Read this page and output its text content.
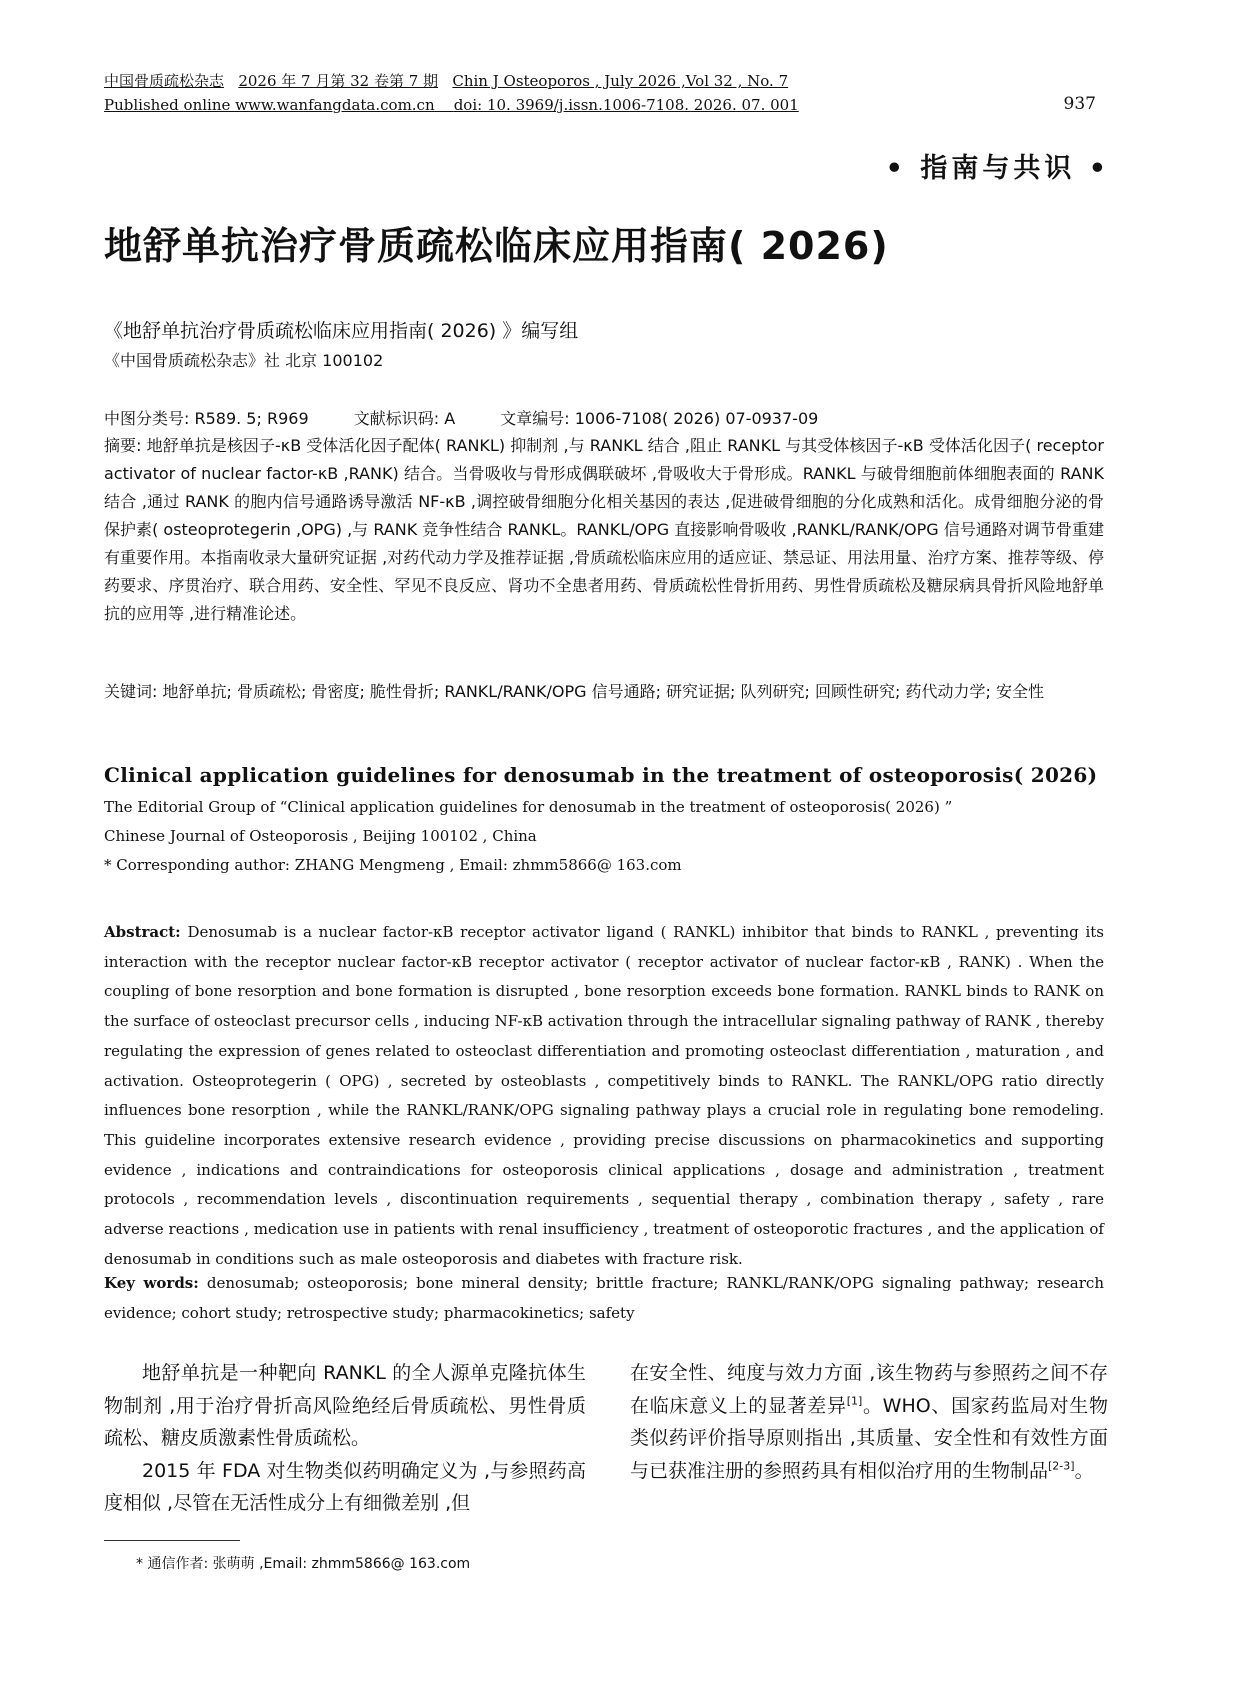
中国骨质疏松杂志 2026 年 7 月第 32 卷第 7 期 Chin J Osteoporos , July 2026 ,Vol 32 , No. 7
Published online www.wanfangdata.com.cn doi: 10. 3969/j.issn.1006-7108. 2026. 07. 001	937
• 指南与共识 •
地舒单抗治疗骨质疏松临床应用指南( 2026)
《地舒单抗治疗骨质疏松临床应用指南( 2026) 》编写组
《中国骨质疏松杂志》社 北京 100102
中图分类号: R589. 5; R969	文献标识码: A	文章编号: 1006-7108( 2026) 07-0937-09
摘要: 地舒单抗是核因子-κB 受体活化因子配体( RANKL) 抑制剂 ,与 RANKL 结合 ,阻止 RANKL 与其受体核因子-κB 受体活化因子( receptor activator of nuclear factor-κB ,RANK) 结合。当骨吸收与骨形成偶联破坏 ,骨吸收大于骨形成。RANKL 与破骨细胞前体细胞表面的 RANK 结合 ,通过 RANK 的胞内信号通路诱导激活 NF-κB ,调控破骨细胞分化相关基因的表达 ,促进破骨细胞的分化成熟和活化。成骨细胞分泌的骨保护素( osteoprotegerin ,OPG) ,与 RANK 竞争性结合 RANKL。RANKL/OPG 直接影响骨吸收 ,RANKL/RANK/OPG 信号通路对调节骨重建有重要作用。本指南收录大量研究证据 ,对药代动力学及推荐证据 ,骨质疏松临床应用的适应证、禁忌证、用法用量、治疗方案、推荐等级、停药要求、序贯治疗、联合用药、安全性、罕见不良反应、肾功不全患者用药、骨质疏松性骨折用药、男性骨质疏松及糖尿病具骨折风险地舒单抗的应用等 ,进行精准论述。
关键词: 地舒单抗; 骨质疏松; 骨密度; 脆性骨折; RANKL/RANK/OPG 信号通路; 研究证据; 队列研究; 回顾性研究; 药代动力学; 安全性
Clinical application guidelines for denosumab in the treatment of osteoporosis( 2026)
The Editorial Group of “Clinical application guidelines for denosumab in the treatment of osteoporosis( 2026) ”
Chinese Journal of Osteoporosis , Beijing 100102 , China
* Corresponding author: ZHANG Mengmeng , Email: zhmm5866@ 163.com
Abstract: Denosumab is a nuclear factor-κB receptor activator ligand ( RANKL) inhibitor that binds to RANKL , preventing its interaction with the receptor nuclear factor-κB receptor activator ( receptor activator of nuclear factor-κB , RANK) . When the coupling of bone resorption and bone formation is disrupted , bone resorption exceeds bone formation. RANKL binds to RANK on the surface of osteoclast precursor cells , inducing NF-κB activation through the intracellular signaling pathway of RANK , thereby regulating the expression of genes related to osteoclast differentiation and promoting osteoclast differentiation , maturation , and activation. Osteoprotegerin ( OPG) , secreted by osteoblasts , competitively binds to RANKL. The RANKL/OPG ratio directly influences bone resorption , while the RANKL/RANK/OPG signaling pathway plays a crucial role in regulating bone remodeling. This guideline incorporates extensive research evidence , providing precise discussions on pharmacokinetics and supporting evidence , indications and contraindications for osteoporosis clinical applications , dosage and administration , treatment protocols , recommendation levels , discontinuation requirements , sequential therapy , combination therapy , safety , rare adverse reactions , medication use in patients with renal insufficiency , treatment of osteoporotic fractures , and the application of denosumab in conditions such as male osteoporosis and diabetes with fracture risk.
Key words: denosumab; osteoporosis; bone mineral density; brittle fracture; RANKL/RANK/OPG signaling pathway; research evidence; cohort study; retrospective study; pharmacokinetics; safety

地舒单抗是一种靶向 RANKL 的全人源单克隆抗体生物制剂 ,用于治疗骨折高风险绝经后骨质疏松、男性骨质疏松、糖皮质激素性骨质疏松。

2015 年 FDA 对生物类似药明确定义为 ,与参照药高度相似 ,尽管在无活性成分上有细微差别 ,但

在安全性、纯度与效力方面 ,该生物药与参照药之间不存在临床意义上的显著差异[1]。WHO、国家药监局对生物类似药评价指导原则指出 ,其质量、安全性和有效性方面与已获准注册的参照药具有相似治疗用的生物制品[2-3]。

* 通信作者: 张萌萌 ,Email: zhmm5866@ 163.com
